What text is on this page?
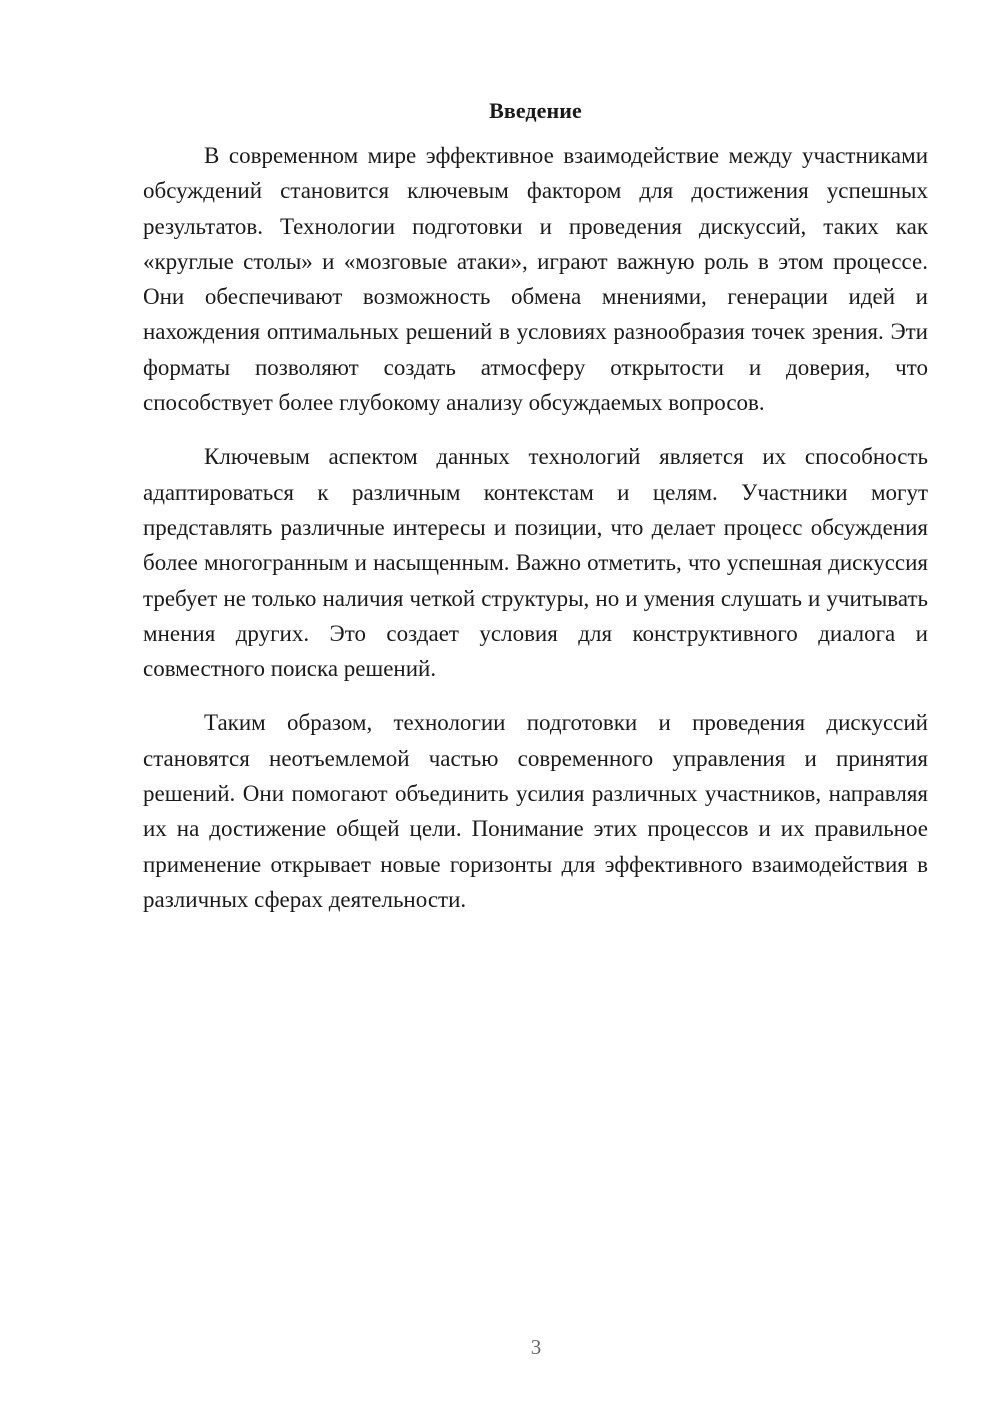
Введение

В современном мире эффективное взаимодействие между участниками обсуждений становится ключевым фактором для достижения успешных результатов. Технологии подготовки и проведения дискуссий, таких как «круглые столы» и «мозговые атаки», играют важную роль в этом процессе. Они обеспечивают возможность обмена мнениями, генерации идей и нахождения оптимальных решений в условиях разнообразия точек зрения. Эти форматы позволяют создать атмосферу открытости и доверия, что способствует более глубокому анализу обсуждаемых вопросов.

Ключевым аспектом данных технологий является их способность адаптироваться к различным контекстам и целям. Участники могут представлять различные интересы и позиции, что делает процесс обсуждения более многогранным и насыщенным. Важно отметить, что успешная дискуссия требует не только наличия четкой структуры, но и умения слушать и учитывать мнения других. Это создает условия для конструктивного диалога и совместного поиска решений.

Таким образом, технологии подготовки и проведения дискуссий становятся неотъемлемой частью современного управления и принятия решений. Они помогают объединить усилия различных участников, направляя их на достижение общей цели. Понимание этих процессов и их правильное применение открывает новые горизонты для эффективного взаимодействия в различных сферах деятельности.

3
